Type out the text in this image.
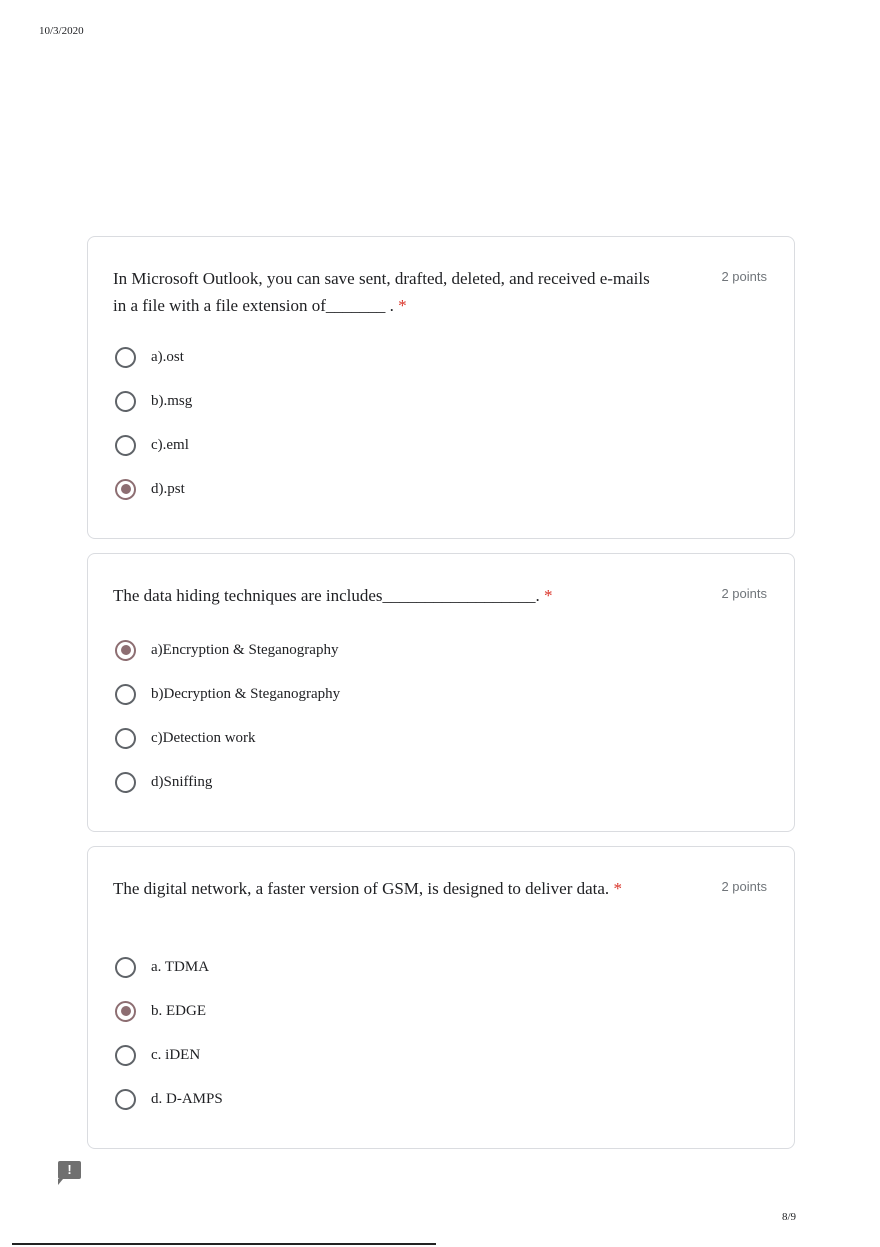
10/3/2020
In Microsoft Outlook, you can save sent, drafted, deleted, and received e-mails in a file with a file extension of_______ . *
2 points
a).ost
b).msg
c).eml
d).pst
The data hiding techniques are includes__________________. *	2 points
a)Encryption & Steganography
b)Decryption & Steganography
c)Detection work
d)Sniffing
The digital network, a faster version of GSM, is designed to deliver data. *	2 points
a. TDMA
b. EDGE
c. iDEN
d. D-AMPS
!
8/9
